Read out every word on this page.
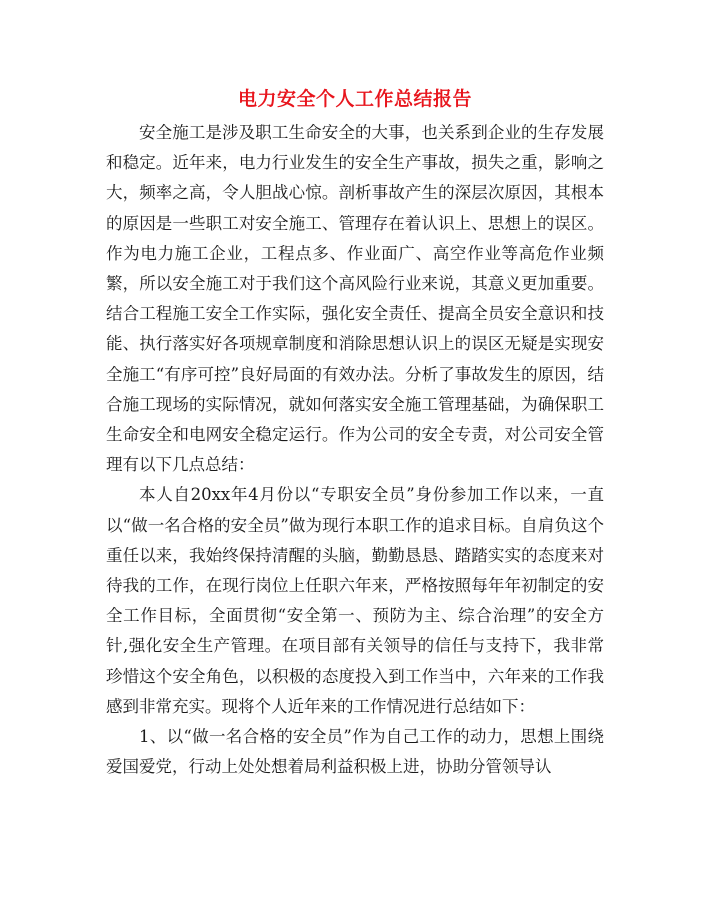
电力安全个人工作总结报告

安全施工是涉及职工生命安全的大事，也关系到企业的生存发展和稳定。近年来，电力行业发生的安全生产事故，损失之重，影响之大，频率之高，令人胆战心惊。剖析事故产生的深层次原因，其根本的原因是一些职工对安全施工、管理存在着认识上、思想上的误区。作为电力施工企业，工程点多、作业面广、高空作业等高危作业频繁，所以安全施工对于我们这个高风险行业来说，其意义更加重要。结合工程施工安全工作实际，强化安全责任、提高全员安全意识和技能、执行落实好各项规章制度和消除思想认识上的误区无疑是实现安全施工“有序可控”良好局面的有效办法。分析了事故发生的原因，结合施工现场的实际情况，就如何落实安全施工管理基础，为确保职工生命安全和电网安全稳定运行。作为公司的安全专责，对公司安全管理有以下几点总结：

本人自20xx年4月份以“专职安全员”身份参加工作以来，一直以“做一名合格的安全员”做为现行本职工作的追求目标。自肩负这个重任以来，我始终保持清醒的头脑，勤勤恳恳、踏踏实实的态度来对待我的工作，在现行岗位上任职六年来，严格按照每年年初制定的安全工作目标，全面贯彻“安全第一、预防为主、综合治理”的安全方针,强化安全生产管理。在项目部有关领导的信任与支持下，我非常珍惜这个安全角色，以积极的态度投入到工作当中，六年来的工作我感到非常充实。现将个人近年来的工作情况进行总结如下：

1、以“做一名合格的安全员”作为自己工作的动力，思想上围绕爱国爱党，行动上处处想着局利益积极上进，协助分管领导认
